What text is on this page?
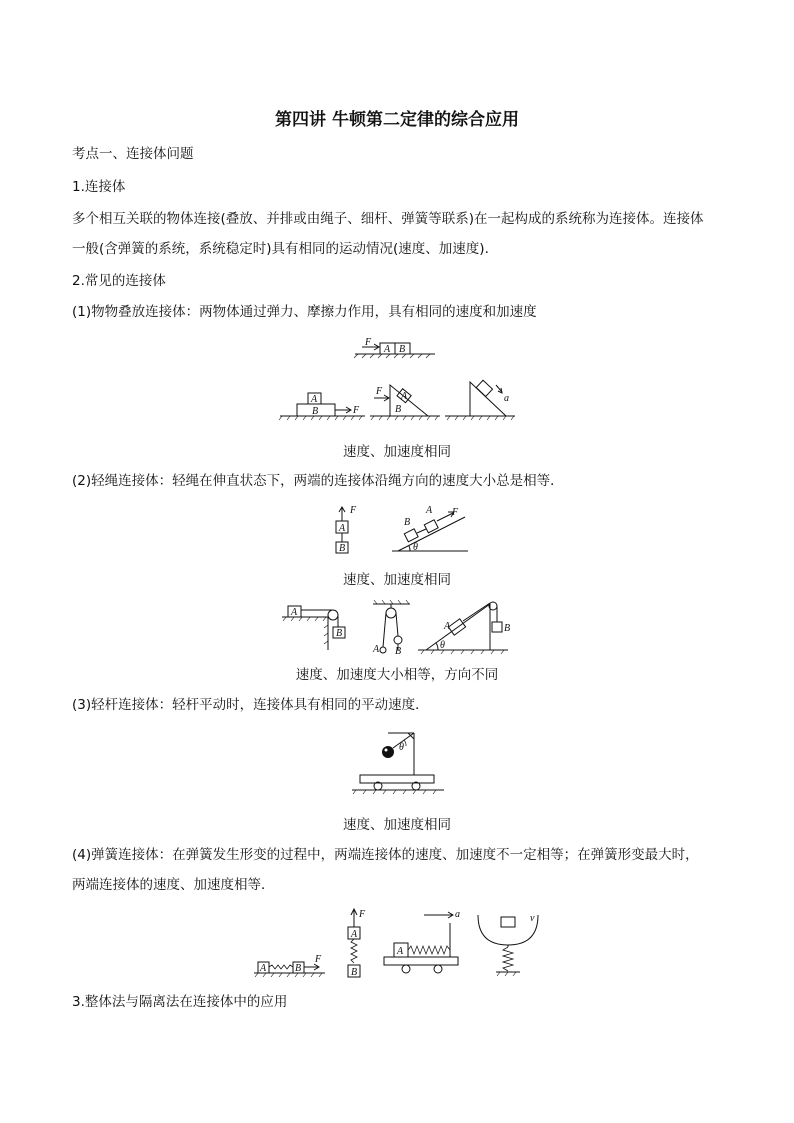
第四讲 牛顿第二定律的综合应用
考点一、连接体问题
1.连接体
多个相互关联的物体连接(叠放、并排或由绳子、细杆、弹簧等联系)在一起构成的系统称为连接体。连接体
一般(含弹簧的系统，系统稳定时)具有相同的运动情况(速度、加速度).
2.常见的连接体
(1)物物叠放连接体：两物体通过弹力、摩擦力作用，具有相同的速度和加速度
A B
F
A
B	F
A
B
F
a
速度、加速度相同
(2)轻绳连接体：轻绳在伸直状态下，两端的连接体沿绳方向的速度大小总是相等．
F
A
B
B
A F
θ
速度、加速度相同
A
B
A B
A	B
θ
速度、加速度大小相等，方向不同
(3)轻杆连接体：轻杆平动时，连接体具有相同的平动速度．
θ
速度、加速度相同
(4)弹簧连接体：在弹簧发生形变的过程中，两端连接体的速度、加速度不一定相等；在弹簧形变最大时，
两端连接体的速度、加速度相等．
A	B
F
F
A
B
A
a	v
3.整体法与隔离法在连接体中的应用
